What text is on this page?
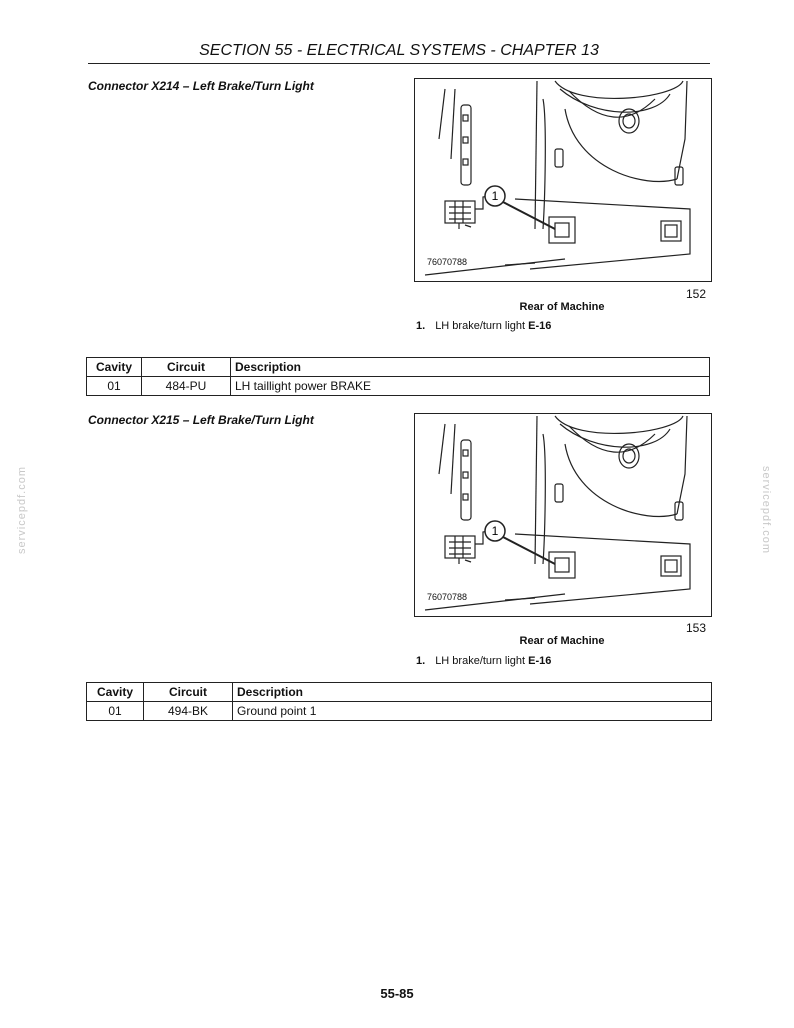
SECTION 55 - ELECTRICAL SYSTEMS - CHAPTER 13
Connector X214 – Left Brake/Turn Light
1
76070788
152
Rear of Machine
1. LH brake/turn light E-16
Cavity	Circuit	Description
01	484-PU	LH taillight power BRAKE
Connector X215 – Left Brake/Turn Light
1
76070788
153
Rear of Machine
1. LH brake/turn light E-16
Cavity	Circuit	Description
01	494-BK	Ground point 1
servicepdf.com	servicepdf.com
55-85
